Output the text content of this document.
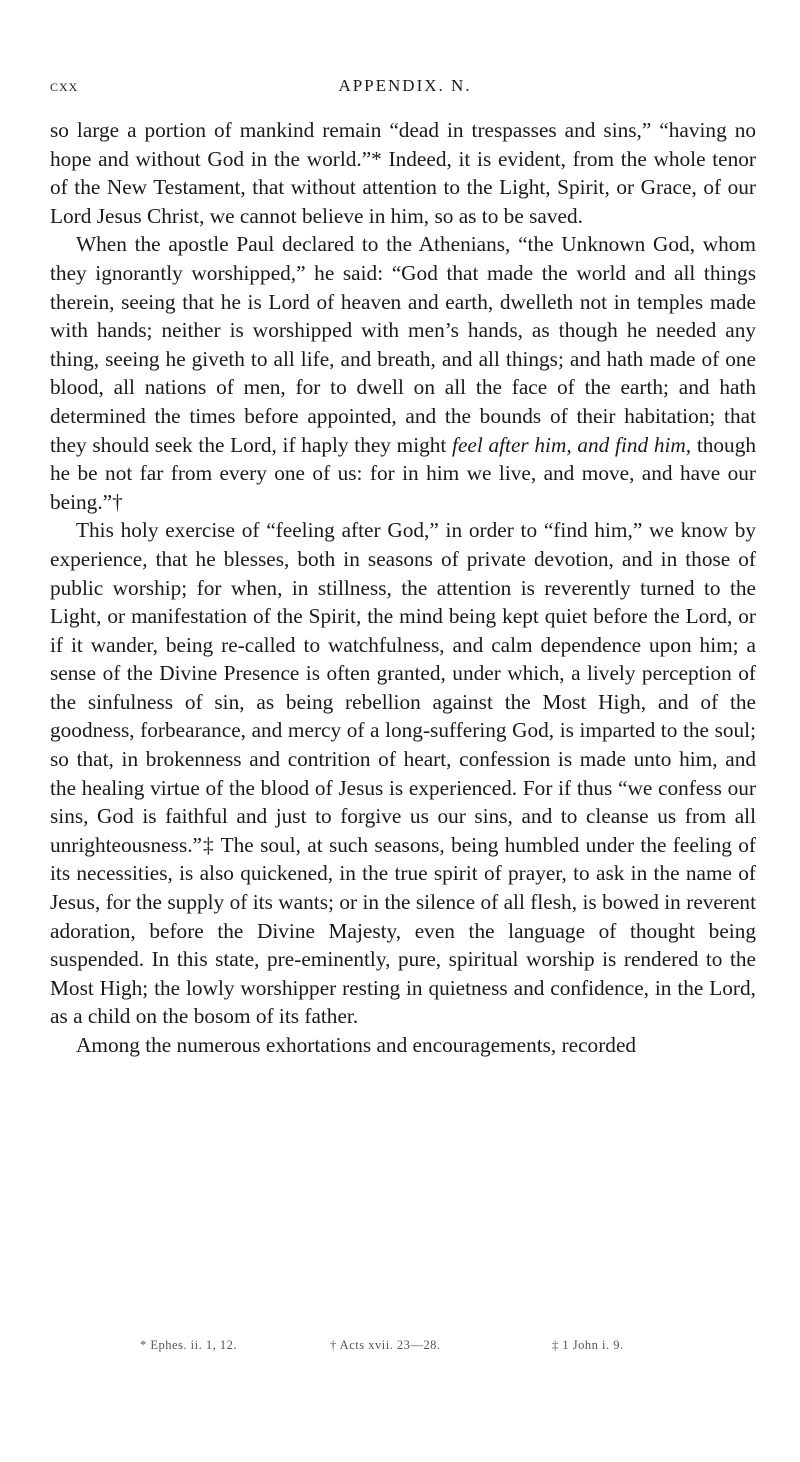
cxx	APPENDIX. N.

so large a portion of mankind remain “dead in trespasses and sins,” “having no hope and without God in the world.”* Indeed, it is evident, from the whole tenor of the New Testament, that without attention to the Light, Spirit, or Grace, of our Lord Jesus Christ, we cannot believe in him, so as to be saved.

When the apostle Paul declared to the Athenians, “the Unknown God, whom they ignorantly worshipped,” he said: “God that made the world and all things therein, seeing that he is Lord of heaven and earth, dwelleth not in temples made with hands; neither is worshipped with men’s hands, as though he needed any thing, seeing he giveth to all life, and breath, and all things; and hath made of one blood, all nations of men, for to dwell on all the face of the earth; and hath determined the times before appointed, and the bounds of their habitation; that they should seek the Lord, if haply they might feel after him, and find him, though he be not far from every one of us: for in him we live, and move, and have our being.”†

This holy exercise of “feeling after God,” in order to “find him,” we know by experience, that he blesses, both in seasons of private devotion, and in those of public worship; for when, in stillness, the attention is reverently turned to the Light, or manifestation of the Spirit, the mind being kept quiet before the Lord, or if it wander, being re-called to watchfulness, and calm dependence upon him; a sense of the Divine Presence is often granted, under which, a lively perception of the sinfulness of sin, as being rebellion against the Most High, and of the goodness, forbearance, and mercy of a long-suffering God, is imparted to the soul; so that, in brokenness and contrition of heart, confession is made unto him, and the healing virtue of the blood of Jesus is experienced. For if thus “we confess our sins, God is faithful and just to forgive us our sins, and to cleanse us from all unrighteousness.”‡ The soul, at such seasons, being humbled under the feeling of its necessities, is also quickened, in the true spirit of prayer, to ask in the name of Jesus, for the supply of its wants; or in the silence of all flesh, is bowed in reverent adoration, before the Divine Majesty, even the language of thought being suspended. In this state, pre-eminently, pure, spiritual worship is rendered to the Most High; the lowly worshipper resting in quietness and confidence, in the Lord, as a child on the bosom of its father.

Among the numerous exhortations and encouragements, recorded

* Ephes. ii. 1, 12.	† Acts xvii. 23—28.	‡ 1 John i. 9.
